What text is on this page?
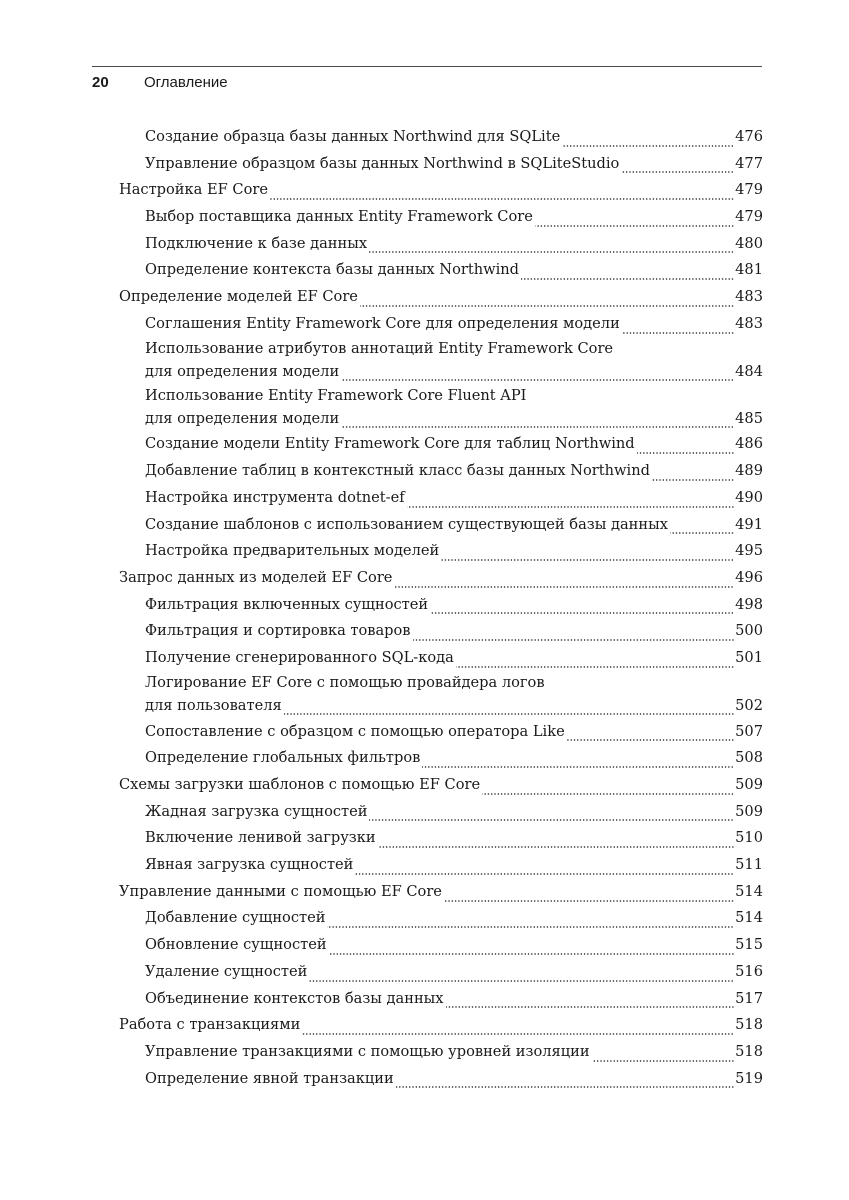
20 Оглавление
Создание образца базы данных Northwind для SQLite	476
Управление образцом базы данных Northwind в SQLiteStudio	477
Настройка EF Core	479
Выбор поставщика данных Entity Framework Core	479
Подключение к базе данных	480
Определение контекста базы данных Northwind	481
Определение моделей EF Core	483
Соглашения Entity Framework Core для определения модели	483
Использование атрибутов аннотаций Entity Framework Core
для определения модели	484
Использование Entity Framework Core Fluent API
для определения модели	485
Создание модели Entity Framework Core для таблиц Northwind	486
Добавление таблиц в контекстный класс базы данных Northwind	489
Настройка инструмента dotnet-ef	490
Создание шаблонов с использованием существующей базы данных	491
Настройка предварительных моделей	495
Запрос данных из моделей EF Core	496
Фильтрация включенных сущностей	498
Фильтрация и сортировка товаров	500
Получение сгенерированного SQL-кода	501
Логирование EF Core с помощью провайдера логов
для пользователя	502
Сопоставление с образцом с помощью оператора Like	507
Определение глобальных фильтров	508
Схемы загрузки шаблонов с помощью EF Core	509
Жадная загрузка сущностей	509
Включение ленивой загрузки	510
Явная загрузка сущностей	511
Управление данными с помощью EF Core	514
Добавление сущностей	514
Обновление сущностей	515
Удаление сущностей	516
Объединение контекстов базы данных	517
Работа с транзакциями	518
Управление транзакциями с помощью уровней изоляции	518
Определение явной транзакции	519
